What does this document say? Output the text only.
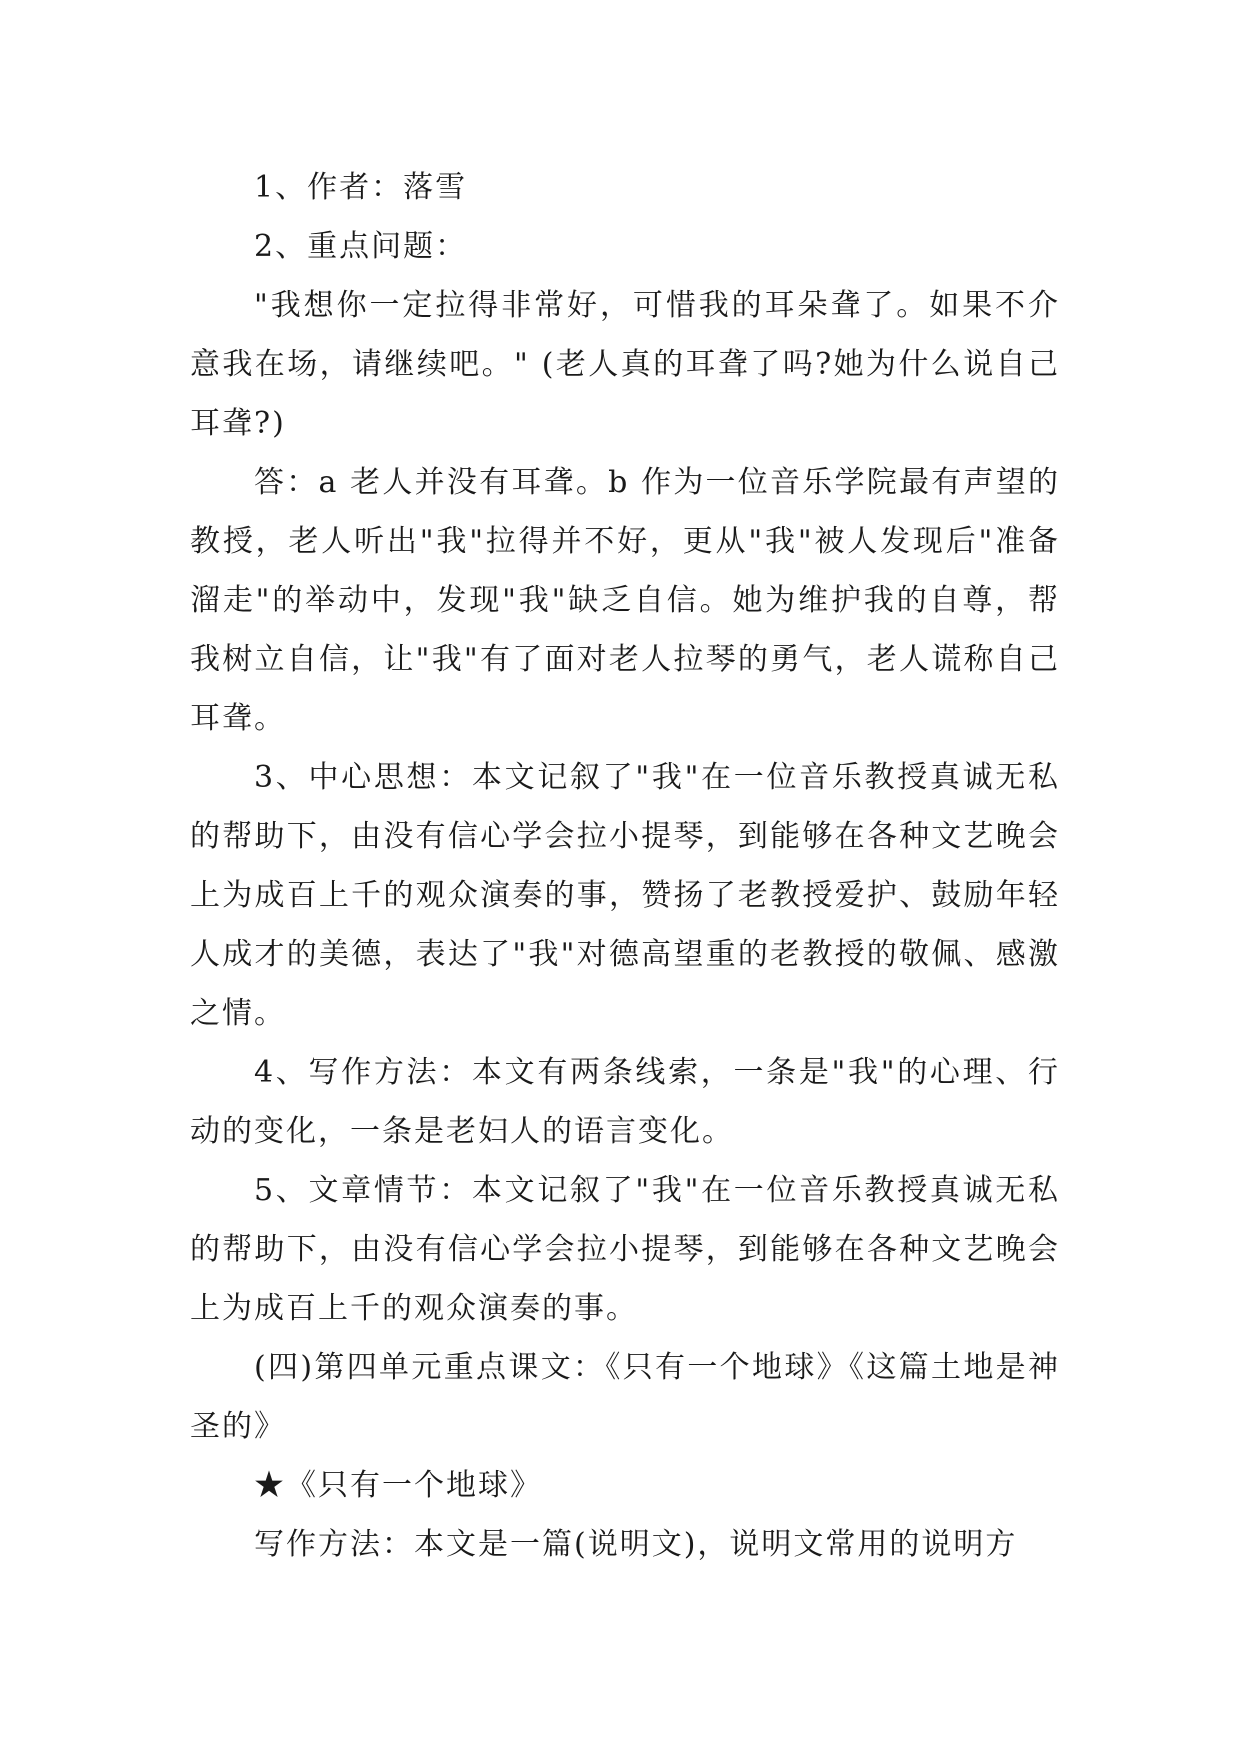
1、作者：落雪

2、重点问题：

"我想你一定拉得非常好，可惜我的耳朵聋了。如果不介意我在场，请继续吧。" (老人真的耳聋了吗?她为什么说自己耳聋?)

答：a 老人并没有耳聋。b 作为一位音乐学院最有声望的教授，老人听出"我"拉得并不好，更从"我"被人发现后"准备溜走"的举动中，发现"我"缺乏自信。她为维护我的自尊，帮我树立自信，让"我"有了面对老人拉琴的勇气，老人谎称自己耳聋。

3、中心思想：本文记叙了"我"在一位音乐教授真诚无私的帮助下，由没有信心学会拉小提琴，到能够在各种文艺晚会上为成百上千的观众演奏的事，赞扬了老教授爱护、鼓励年轻人成才的美德，表达了"我"对德高望重的老教授的敬佩、感激之情。

4、写作方法：本文有两条线索，一条是"我"的心理、行动的变化，一条是老妇人的语言变化。

5、文章情节：本文记叙了"我"在一位音乐教授真诚无私的帮助下，由没有信心学会拉小提琴，到能够在各种文艺晚会上为成百上千的观众演奏的事。

(四)第四单元重点课文：《只有一个地球》《这篇土地是神圣的》

★《只有一个地球》

写作方法：本文是一篇(说明文)，说明文常用的说明方
